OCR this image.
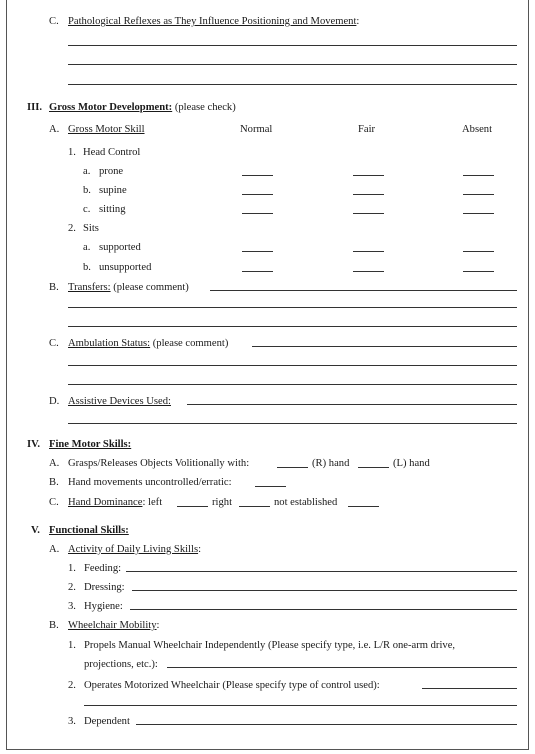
C. Pathological Reflexes as They Influence Positioning and Movement:
III. Gross Motor Development: (please check)
A. Gross Motor Skill	Normal	Fair	Absent
1. Head Control
a. prone
b. supine
c. sitting
2. Sits
a. supported
b. unsupported
B. Transfers: (please comment)
C. Ambulation Status: (please comment)
D. Assistive Devices Used:
IV. Fine Motor Skills:
A. Grasps/Releases Objects Volitionally with:	(R) hand	(L) hand
B. Hand movements uncontrolled/erratic:
C. Hand Dominance: left	right	not established
V. Functional Skills:
A. Activity of Daily Living Skills:
1. Feeding:
2. Dressing:
3. Hygiene:
B. Wheelchair Mobility:
1. Propels Manual Wheelchair Independently (Please specify type, i.e. L/R one-arm drive,
projections, etc.):
2. Operates Motorized Wheelchair (Please specify type of control used):
3. Dependent
